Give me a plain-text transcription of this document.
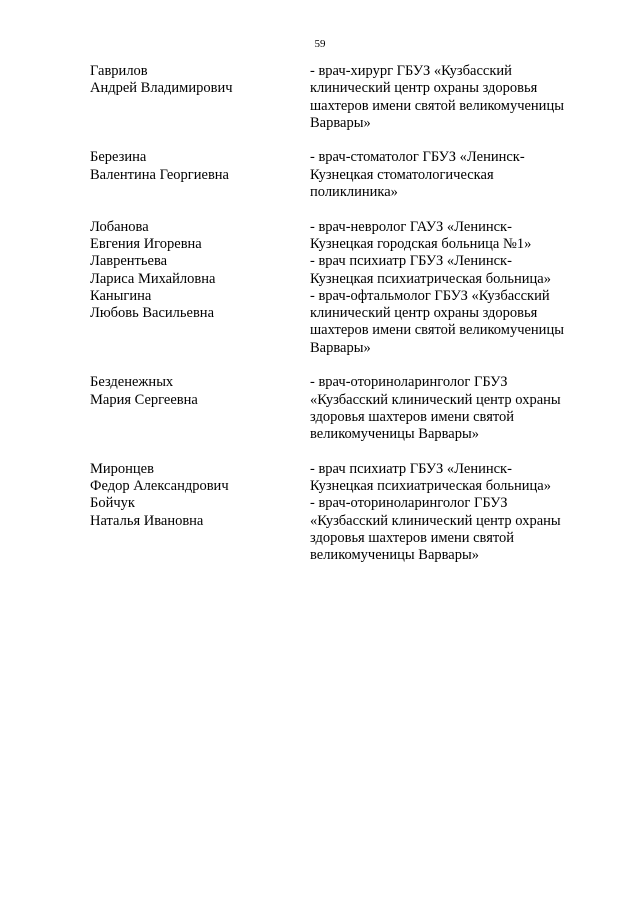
59
Гаврилов
Андрей Владимирович
- врач-хирург ГБУЗ «Кузбасский
клинический центр охраны здоровья
шахтеров имени святой великомученицы
Варвары»
Березина
Валентина Георгиевна
- врач-стоматолог ГБУЗ «Ленинск-
Кузнецкая стоматологическая
поликлиника»
Лобанова
Евгения Игоревна
- врач-невролог ГАУЗ «Ленинск-
Кузнецкая городская больница №1»
Лаврентьева
Лариса Михайловна
- врач психиатр ГБУЗ «Ленинск-
Кузнецкая психиатрическая больница»
Каныгина
Любовь Васильевна
- врач-офтальмолог ГБУЗ «Кузбасский
клинический центр охраны здоровья
шахтеров имени святой великомученицы
Варвары»
Безденежных
Мария Сергеевна
- врач-оториноларинголог ГБУЗ
«Кузбасский клинический центр охраны
здоровья шахтеров имени святой
великомученицы Варвары»
Миронцев
Федор Александрович
- врач психиатр ГБУЗ «Ленинск-
Кузнецкая психиатрическая больница»
Бойчук
Наталья Ивановна
- врач-оториноларинголог ГБУЗ
«Кузбасский клинический центр охраны
здоровья шахтеров имени святой
великомученицы Варвары»
